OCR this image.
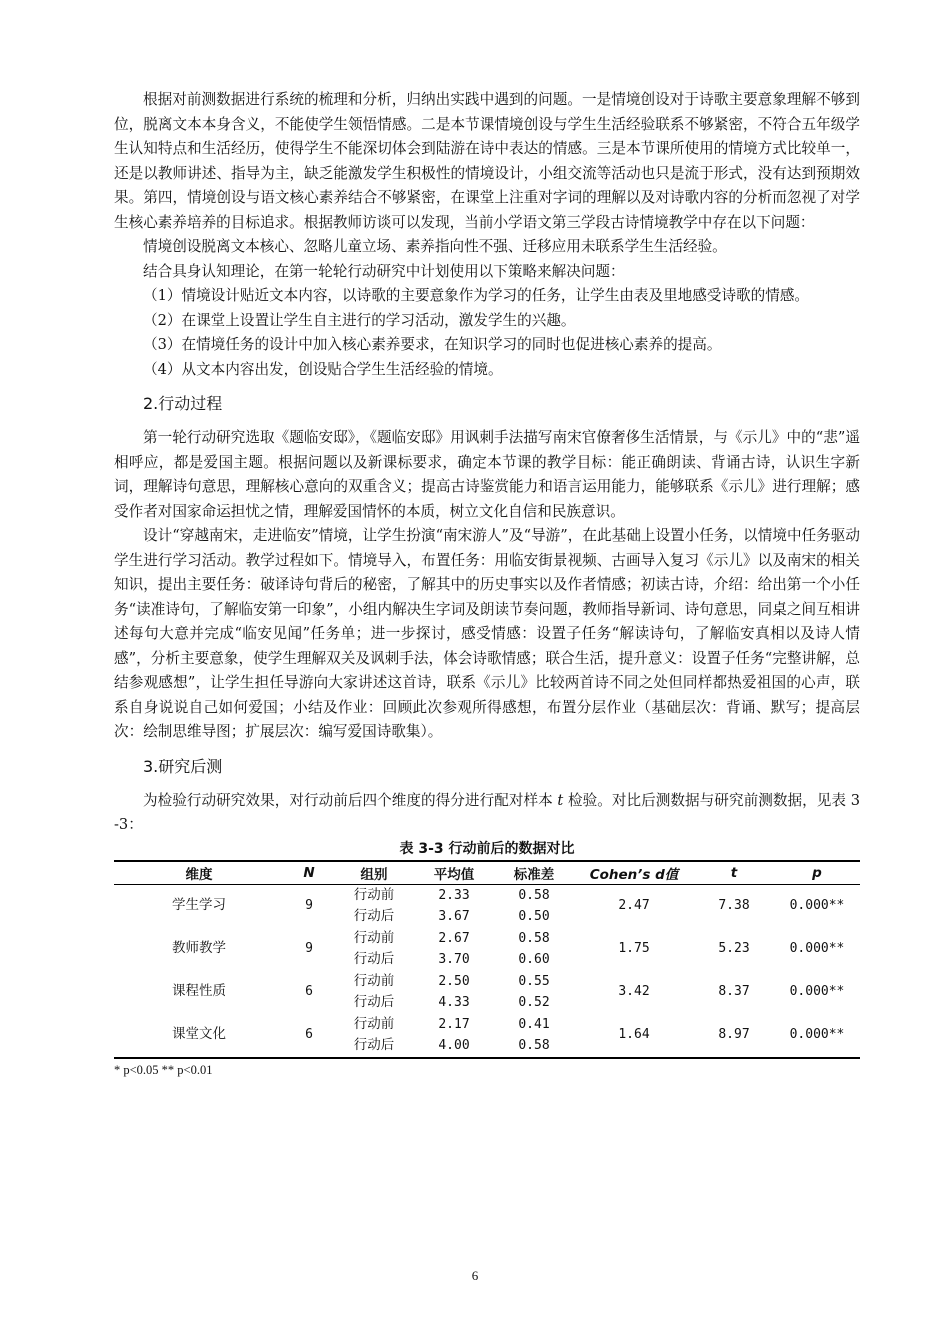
根据对前测数据进行系统的梳理和分析，归纳出实践中遇到的问题。一是情境创设对于诗歌主要意象理解不够到位，脱离文本本身含义，不能使学生领悟情感。二是本节课情境创设与学生生活经验联系不够紧密，不符合五年级学生认知特点和生活经历，使得学生不能深切体会到陆游在诗中表达的情感。三是本节课所使用的情境方式比较单一，还是以教师讲述、指导为主，缺乏能激发学生积极性的情境设计，小组交流等活动也只是流于形式，没有达到预期效果。第四，情境创设与语文核心素养结合不够紧密，在课堂上注重对字词的理解以及对诗歌内容的分析而忽视了对学生核心素养培养的目标追求。根据教师访谈可以发现，当前小学语文第三学段古诗情境教学中存在以下问题：

情境创设脱离文本核心、忽略儿童立场、素养指向性不强、迁移应用未联系学生生活经验。

结合具身认知理论，在第一轮轮行动研究中计划使用以下策略来解决问题：

（1）情境设计贴近文本内容，以诗歌的主要意象作为学习的任务，让学生由表及里地感受诗歌的情感。

（2）在课堂上设置让学生自主进行的学习活动，激发学生的兴趣。

（3）在情境任务的设计中加入核心素养要求，在知识学习的同时也促进核心素养的提高。

（4）从文本内容出发，创设贴合学生生活经验的情境。

2.行动过程

第一轮行动研究选取《题临安邸》，《题临安邸》用讽刺手法描写南宋官僚奢侈生活情景，与《示儿》中的“悲”遥相呼应，都是爱国主题。根据问题以及新课标要求，确定本节课的教学目标：能正确朗读、背诵古诗，认识生字新词，理解诗句意思，理解核心意向的双重含义；提高古诗鉴赏能力和语言运用能力，能够联系《示儿》进行理解；感受作者对国家命运担忧之情，理解爱国情怀的本质，树立文化自信和民族意识。

设计“穿越南宋，走进临安”情境，让学生扮演“南宋游人”及“导游”，在此基础上设置小任务，以情境中任务驱动学生进行学习活动。教学过程如下。情境导入，布置任务：用临安街景视频、古画导入复习《示儿》以及南宋的相关知识，提出主要任务：破译诗句背后的秘密，了解其中的历史事实以及作者情感；初读古诗，介绍：给出第一个小任务“读准诗句，了解临安第一印象”，小组内解决生字词及朗读节奏问题，教师指导新词、诗句意思，同桌之间互相讲述每句大意并完成“临安见闻”任务单；进一步探讨，感受情感：设置子任务“解读诗句，了解临安真相以及诗人情感”，分析主要意象，使学生理解双关及讽刺手法，体会诗歌情感；联合生活，提升意义：设置子任务“完整讲解，总结参观感想”，让学生担任导游向大家讲述这首诗，联系《示儿》比较两首诗不同之处但同样都热爱祖国的心声，联系自身说说自己如何爱国；小结及作业：回顾此次参观所得感想，布置分层作业（基础层次：背诵、默写；提高层次：绘制思维导图；扩展层次：编写爱国诗歌集）。

3.研究后测

为检验行动研究效果，对行动前后四个维度的得分进行配对样本 t 检验。对比后测数据与研究前测数据，见表 3-3：

表 3-3 行动前后的数据对比
维度	N	组别	平均值	标准差	Cohen’s d值	t	p
学生学习	9	行动前	2.33	0.58	2.47	7.38	0.000**
		行动后	3.67	0.50			
教师教学	9	行动前	2.67	0.58	1.75	5.23	0.000**
		行动后	3.70	0.60			
课程性质	6	行动前	2.50	0.55	3.42	8.37	0.000**
		行动后	4.33	0.52			
课堂文化	6	行动前	2.17	0.41	1.64	8.97	0.000**
		行动后	4.00	0.58			
* p<0.05 ** p<0.01
6
